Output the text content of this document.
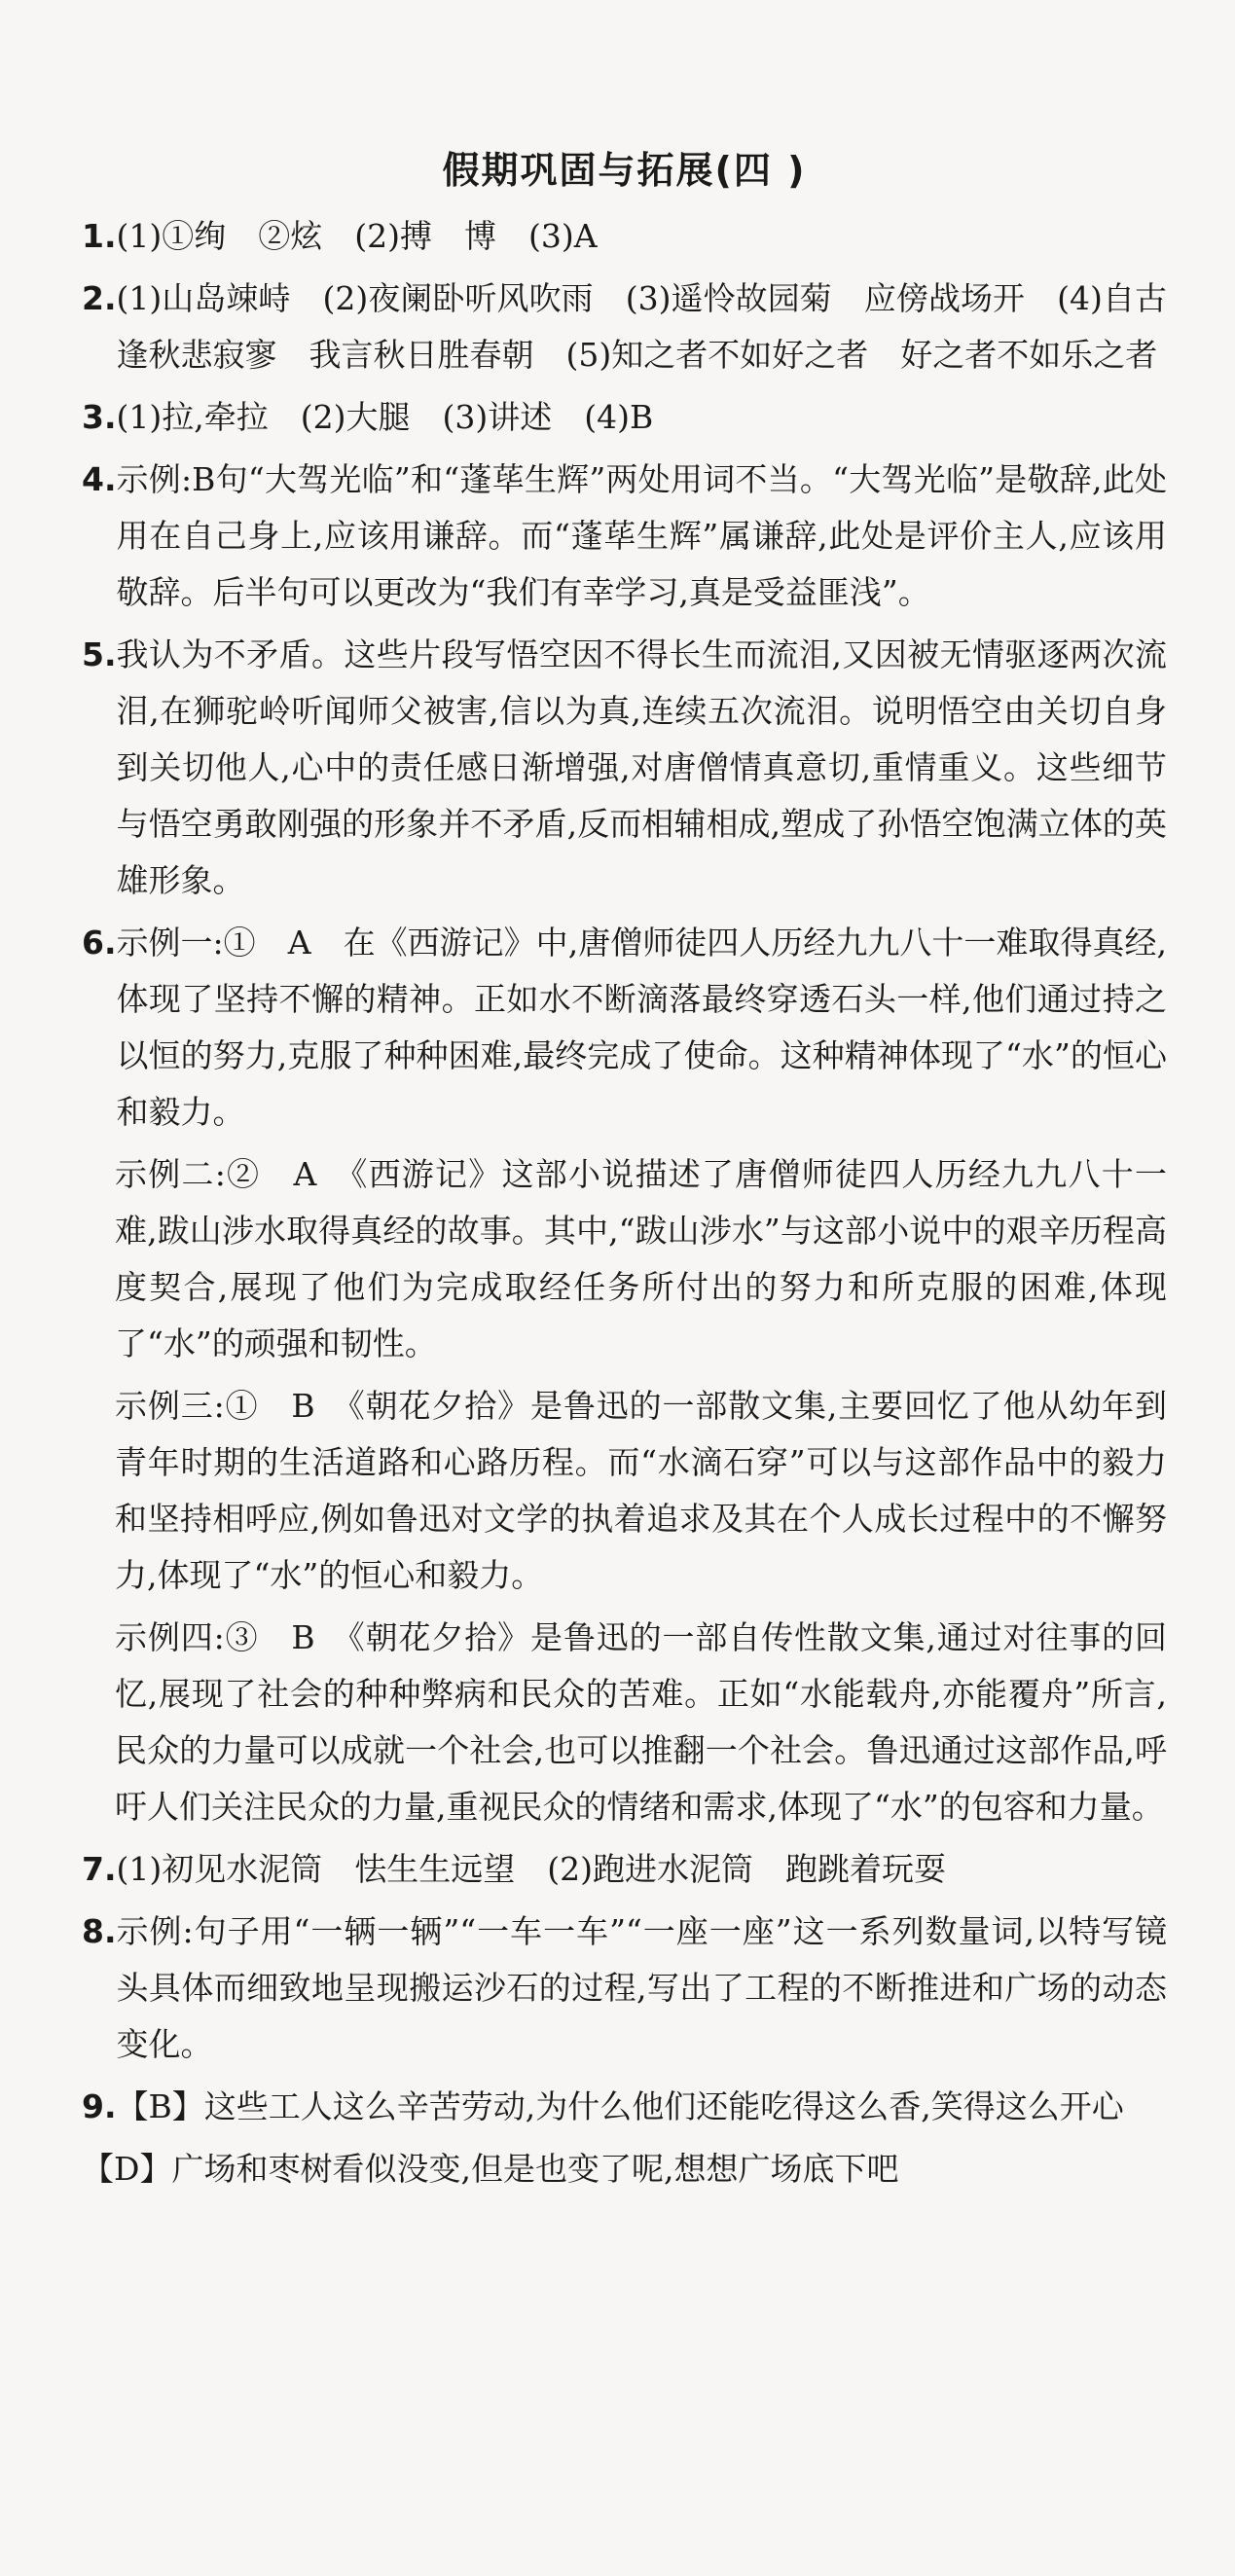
假期巩固与拓展(四 )
1. (1)①绚　②炫　(2)搏　博　(3)A
2. (1)山岛竦峙　(2)夜阑卧听风吹雨　(3)遥怜故园菊　应傍战场开　(4)自古逢秋悲寂寥　我言秋日胜春朝　(5)知之者不如好之者　好之者不如乐之者
3. (1)拉,牵拉　(2)大腿　(3)讲述　(4)B
4. 示例:B句“大驾光临”和“蓬荜生辉”两处用词不当。“大驾光临”是敬辞,此处用在自己身上,应该用谦辞。而“蓬荜生辉”属谦辞,此处是评价主人,应该用敬辞。后半句可以更改为“我们有幸学习,真是受益匪浅”。
5. 我认为不矛盾。这些片段写悟空因不得长生而流泪,又因被无情驱逐两次流泪,在狮驼岭听闻师父被害,信以为真,连续五次流泪。说明悟空由关切自身到关切他人,心中的责任感日渐增强,对唐僧情真意切,重情重义。这些细节与悟空勇敢刚强的形象并不矛盾,反而相辅相成,塑成了孙悟空饱满立体的英雄形象。
6. 示例一:①　A　在《西游记》中,唐僧师徒四人历经九九八十一难取得真经,体现了坚持不懈的精神。正如水不断滴落最终穿透石头一样,他们通过持之以恒的努力,克服了种种困难,最终完成了使命。这种精神体现了“水”的恒心和毅力。
示例二:②　A　《西游记》这部小说描述了唐僧师徒四人历经九九八十一难,跋山涉水取得真经的故事。其中,“跋山涉水”与这部小说中的艰辛历程高度契合,展现了他们为完成取经任务所付出的努力和所克服的困难,体现了“水”的顽强和韧性。
示例三:①　B　《朝花夕拾》是鲁迅的一部散文集,主要回忆了他从幼年到青年时期的生活道路和心路历程。而“水滴石穿”可以与这部作品中的毅力和坚持相呼应,例如鲁迅对文学的执着追求及其在个人成长过程中的不懈努力,体现了“水”的恒心和毅力。
示例四:③　B　《朝花夕拾》是鲁迅的一部自传性散文集,通过对往事的回忆,展现了社会的种种弊病和民众的苦难。正如“水能载舟,亦能覆舟”所言,民众的力量可以成就一个社会,也可以推翻一个社会。鲁迅通过这部作品,呼吁人们关注民众的力量,重视民众的情绪和需求,体现了“水”的包容和力量。
7. (1)初见水泥筒　怯生生远望　(2)跑进水泥筒　跑跳着玩耍
8. 示例:句子用“一辆一辆”“一车一车”“一座一座”这一系列数量词,以特写镜头具体而细致地呈现搬运沙石的过程,写出了工程的不断推进和广场的动态变化。
9. 【B】这些工人这么辛苦劳动,为什么他们还能吃得这么香,笑得这么开心
【D】广场和枣树看似没变,但是也变了呢,想想广场底下吧
